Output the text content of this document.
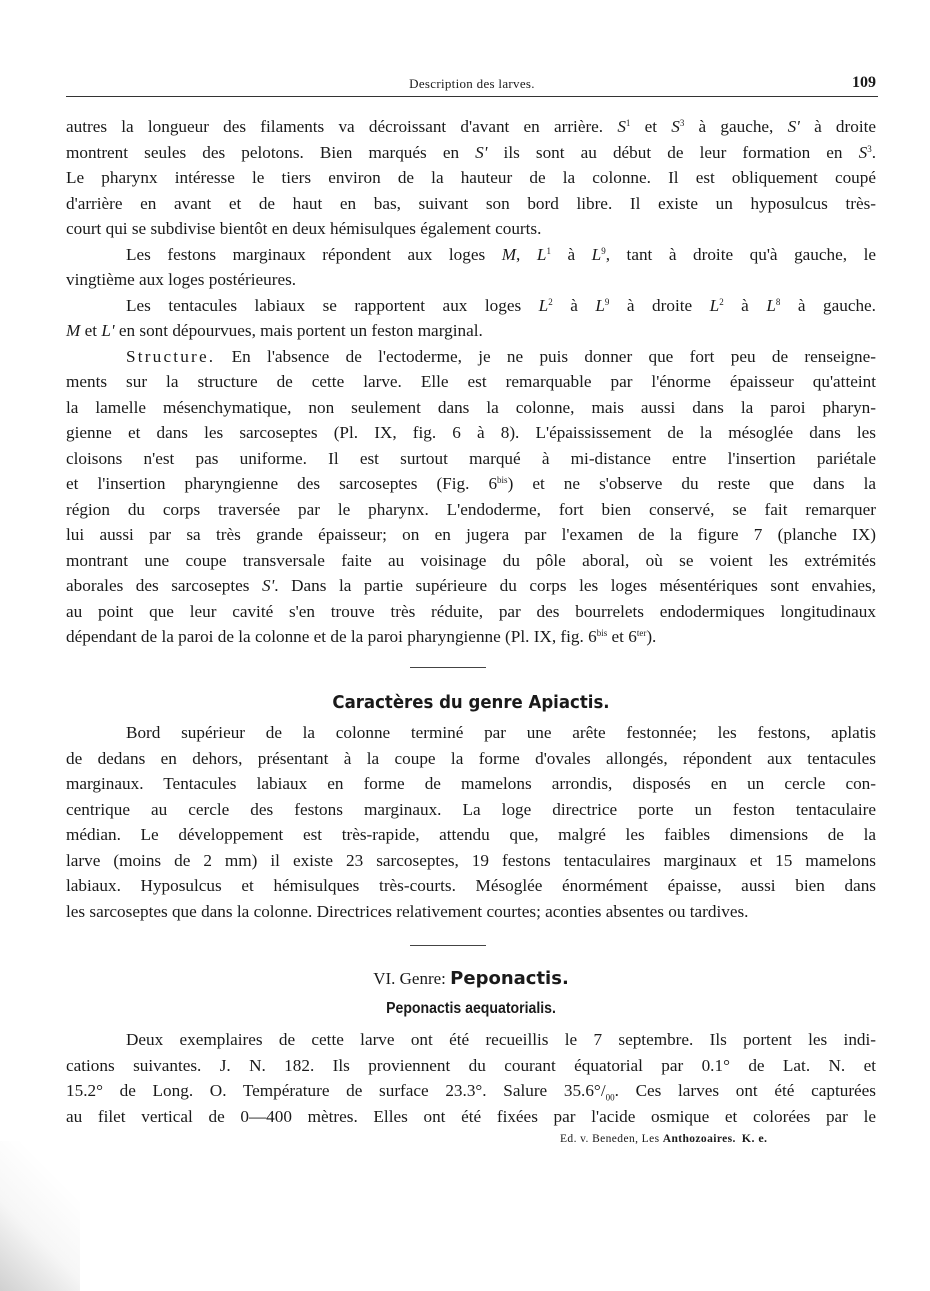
Description des larves.	109
autres la longueur des filaments va décroissant d'avant en arrière. $S^1$ et $S^3$ à gauche, S' à droite
montrent seules des pelotons. Bien marqués en S' ils sont au début de leur formation en $S^3$.
Le pharynx intéresse le tiers environ de la hauteur de la colonne. Il est obliquement coupé
d'arrière en avant et de haut en bas, suivant son bord libre. Il existe un hyposulcus très-
court qui se subdivise bientôt en deux hémisulques également courts.
Les festons marginaux répondent aux loges M, $L^1$ à $L^9$, tant à droite qu'à gauche, le
vingtième aux loges postérieures.
Les tentacules labiaux se rapportent aux loges $L^2$ à $L^9$ à droite $L^2$ à $L^8$ à gauche.
M et L' en sont dépourvues, mais portent un feston marginal.
Structure. En l'absence de l'ectoderme, je ne puis donner que fort peu de renseigne-
ments sur la structure de cette larve. Elle est remarquable par l'énorme épaisseur qu'atteint
la lamelle mésenchymatique, non seulement dans la colonne, mais aussi dans la paroi pharyn-
gienne et dans les sarcoseptes (Pl. IX, fig. 6 à 8). L'épaississement de la mésoglée dans les
cloisons n'est pas uniforme. Il est surtout marqué à mi-distance entre l'insertion pariétale
et l'insertion pharyngienne des sarcoseptes (Fig. $6^{bis}$) et ne s'observe du reste que dans la
région du corps traversée par le pharynx. L'endoderme, fort bien conservé, se fait remarquer
lui aussi par sa très grande épaisseur; on en jugera par l'examen de la figure 7 (planche IX)
montrant une coupe transversale faite au voisinage du pôle aboral, où se voient les extrémités
aborales des sarcoseptes S'. Dans la partie supérieure du corps les loges mésentériques sont envahies,
au point que leur cavité s'en trouve très réduite, par des bourrelets endodermiques longitudinaux
dépendant de la paroi de la colonne et de la paroi pharyngienne (Pl. IX, fig. $6^{bis}$ et $6^{ter}$).
Caractères du genre Apiactis.
Bord supérieur de la colonne terminé par une arête festonnée; les festons, aplatis
de dedans en dehors, présentant à la coupe la forme d'ovales allongés, répondent aux tentacules
marginaux. Tentacules labiaux en forme de mamelons arrondis, disposés en un cercle con-
centrique au cercle des festons marginaux. La loge directrice porte un feston tentaculaire
médian. Le développement est très-rapide, attendu que, malgré les faibles dimensions de la
larve (moins de 2 mm) il existe 23 sarcoseptes, 19 festons tentaculaires marginaux et 15 mamelons
labiaux. Hyposulcus et hémisulques très-courts. Mésoglée énormément épaisse, aussi bien dans
les sarcoseptes que dans la colonne. Directrices relativement courtes; aconties absentes ou tardives.
VI. Genre: Peponactis.
Peponactis aequatorialis.
Deux exemplaires de cette larve ont été recueillis le 7 septembre. Ils portent les indi-
cations suivantes. J. N. 182. Ils proviennent du courant équatorial par 0.1° de Lat. N. et
15.2° de Long. O. Température de surface 23.3°. Salure $35.6^\circ/_{00}$. Ces larves ont été capturées
au filet vertical de 0—400 mètres. Elles ont été fixées par l'acide osmique et colorées par le
Ed. v. Beneden, Les Anthozoaires. K. e.
